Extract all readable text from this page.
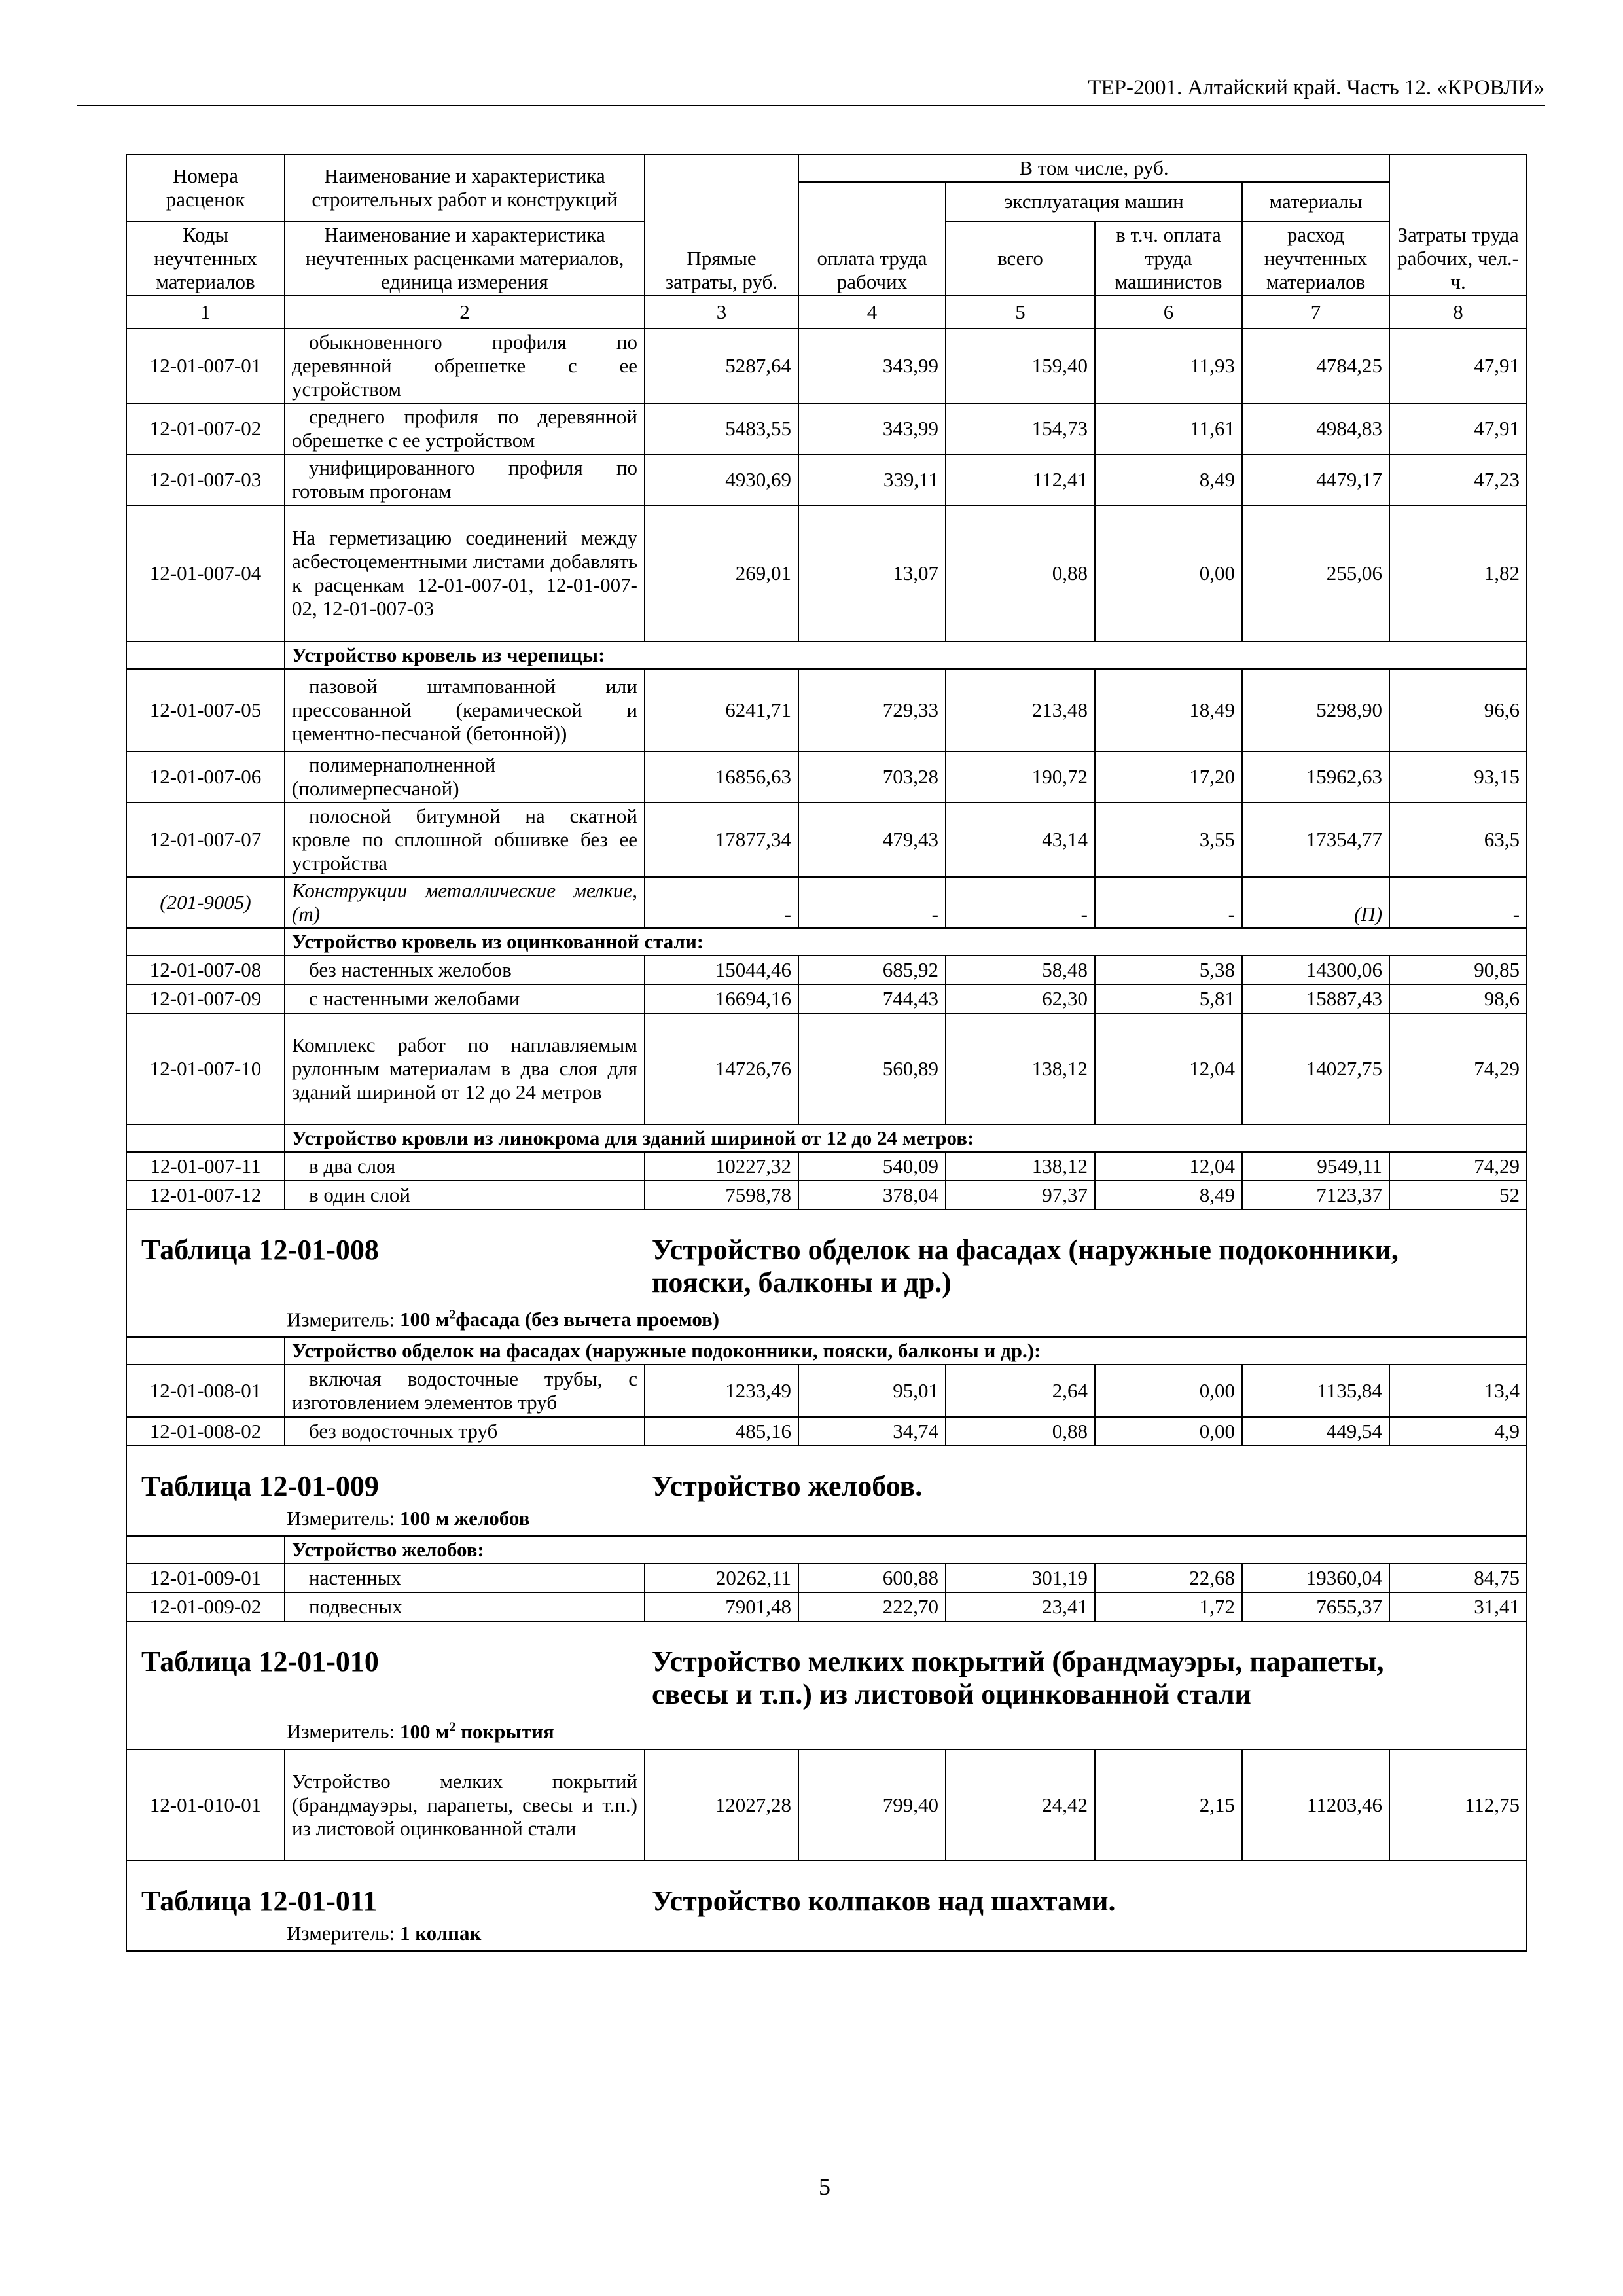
ТЕР-2001. Алтайский край. Часть 12. «КРОВЛИ»
Номера расценок	Наименование и характеристика строительных работ и конструкций	Прямые затраты, руб.	В том числе, руб.				Затраты труда рабочих, чел.-ч.
			оплата труда рабочих	эксплуатация машин		материалы	
Коды неучтенных материалов	Наименование и характеристика неучтенных расценками материалов, единица измерения			всего	в т.ч. оплата труда машинистов	расход неучтенных материалов	
1	2	3	4	5	6	7	8
12-01-007-01	обыкновенного профиля по деревянной обрешетке с ее устройством	5287,64	343,99	159,40	11,93	4784,25	47,91
12-01-007-02	среднего профиля по деревянной обрешетке с ее устройством	5483,55	343,99	154,73	11,61	4984,83	47,91
12-01-007-03	унифицированного профиля по готовым прогонам	4930,69	339,11	112,41	8,49	4479,17	47,23
12-01-007-04	На герметизацию соединений между асбестоцементными листами добавлять к расценкам 12-01-007-01, 12-01-007-02, 12-01-007-03	269,01	13,07	0,88	0,00	255,06	1,82
	Устройство кровель из черепицы:						
12-01-007-05	пазовой штампованной или прессованной (керамической и цементно-песчаной (бетонной))	6241,71	729,33	213,48	18,49	5298,90	96,6
12-01-007-06	полимернаполненной (полимерпесчаной)	16856,63	703,28	190,72	17,20	15962,63	93,15
12-01-007-07	полосной битумной на скатной кровле по сплошной обшивке без ее устройства	17877,34	479,43	43,14	3,55	17354,77	63,5
(201-9005)	Конструкции металлические мелкие, (т)	-	-	-	-	(П)	-
	Устройство кровель из оцинкованной стали:						
12-01-007-08	без настенных желобов	15044,46	685,92	58,48	5,38	14300,06	90,85
12-01-007-09	с настенными желобами	16694,16	744,43	62,30	5,81	15887,43	98,6
12-01-007-10	Комплекс работ по наплавляемым рулонным материалам в два слоя для зданий шириной от 12 до 24 метров	14726,76	560,89	138,12	12,04	14027,75	74,29
	Устройство кровли из линокрома для зданий шириной от 12 до 24 метров:						
12-01-007-11	в два слоя	10227,32	540,09	138,12	12,04	9549,11	74,29
12-01-007-12	в один слой	7598,78	378,04	97,37	8,49	7123,37	52
Таблица 12-01-008 Устройство обделок на фасадах (наружные подоконники, пояски, балконы и др.)
Измеритель: 100 $м^2фасада$ (без вычета проемов)							

	Устройство обделок на фасадах (наружные подоконники, пояски, балконы и др.):						
12-01-008-01	включая водосточные трубы, с изготовлением элементов труб	1233,49	95,01	2,64	0,00	1135,84	13,4
12-01-008-02	без водосточных труб	485,16	34,74	0,88	0,00	449,54	4,9
Таблица 12-01-009 Устройство желобов.
Измеритель: 100 м желобов							

	Устройство желобов:						
12-01-009-01	настенных	20262,11	600,88	301,19	22,68	19360,04	84,75
12-01-009-02	подвесных	7901,48	222,70	23,41	1,72	7655,37	31,41
Таблица 12-01-010 Устройство мелких покрытий (брандмауэры, парапеты, свесы и т.п.) из листовой оцинкованной стали
Измеритель: 100 $м^2$ покрытия							

12-01-010-01	Устройство мелких покрытий (брандмауэры, парапеты, свесы и т.п.) из листовой оцинкованной стали	12027,28	799,40	24,42	2,15	11203,46	112,75
Таблица 12-01-011 Устройство колпаков над шахтами.
Измеритель: 1 колпак							
5
